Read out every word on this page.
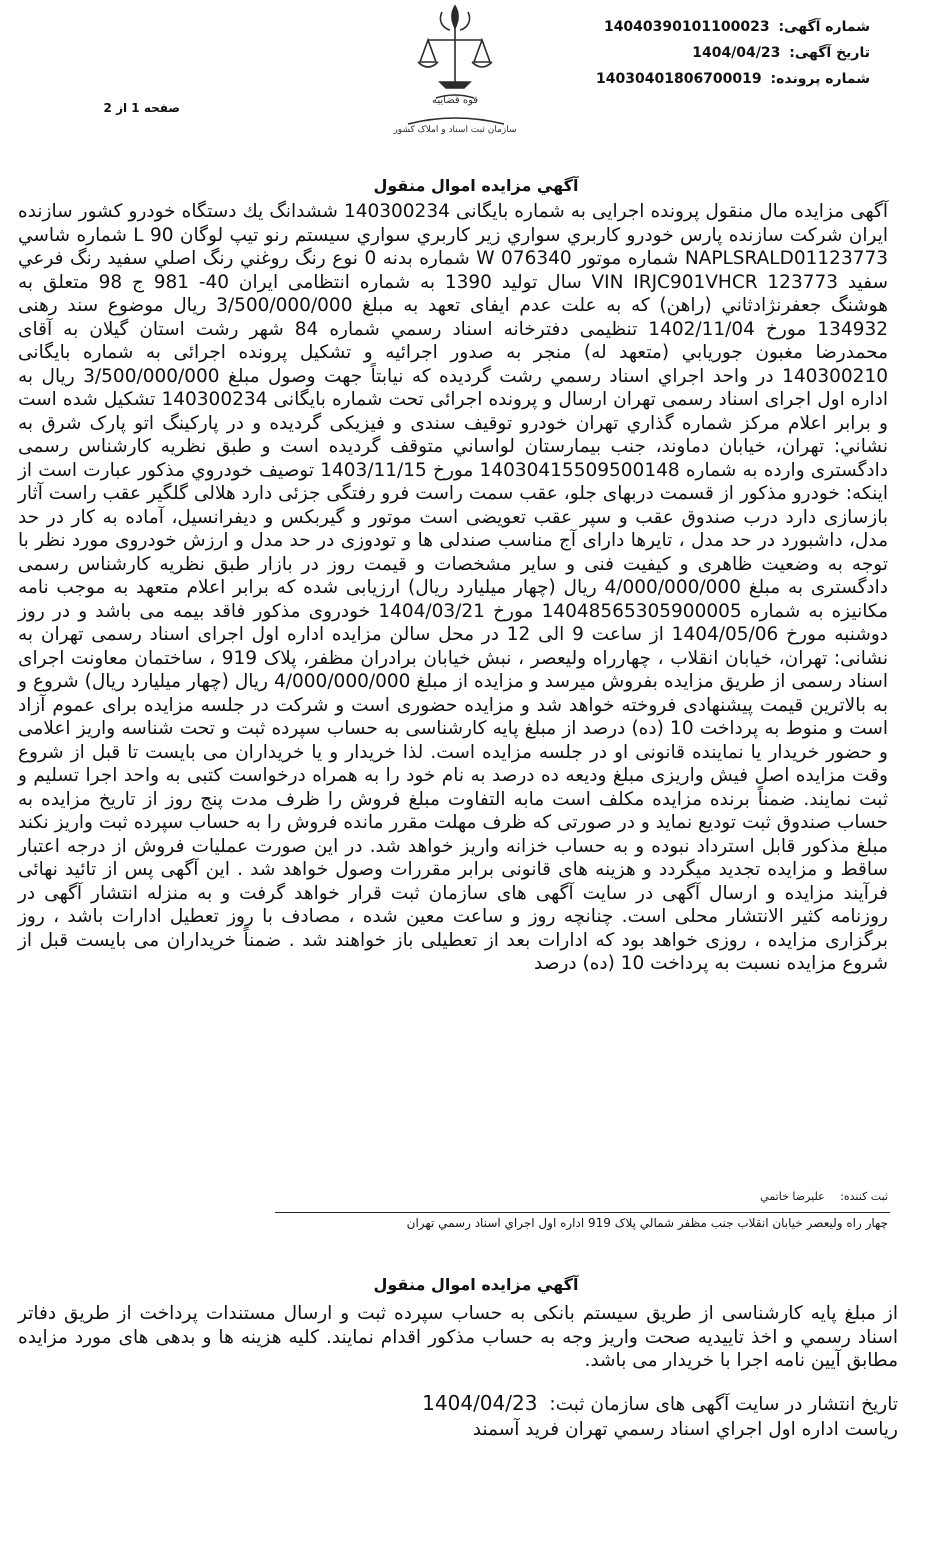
قوه قضاییه
سازمان ثبت اسناد و املاک کشور
شماره آگهی: 14040390101100023
تاریخ آگهی: 1404/04/23
شماره پرونده: 14030401806700019
صفحه 1 از 2
آگهي مزايده اموال منقول

آگهی مزایده مال منقول پرونده اجرایی به شماره بایگانی 140300234 ششدانگ يك دستگاه خودرو كشور سازنده ايران شركت سازنده پارس خودرو كاربري سواري زير كاربري سواري سيستم رنو تيپ لوگان 90 L شماره شاسي NAPLSRALD01123773 شماره موتور W 076340 شماره بدنه 0 نوع رنگ روغني رنگ اصلي سفيد رنگ فرعي سفيد VIN IRJC901VHCR 123773 سال توليد 1390 به شماره انتظامی ایران 40- 981 ج 98 متعلق به هوشنگ جعفرنژادثاني (راهن) که به علت عدم ایفای تعهد به مبلغ 3/500/000/000 ريال موضوع سند رهنی 134932 مورخ 1402/11/04 تنظیمی دفترخانه اسناد رسمي شماره 84 شهر رشت استان گيلان به آقای محمدرضا مغبون جوريابي (متعهد له) منجر به صدور اجرائیه و تشکیل پرونده اجرائی به شماره بایگانی 140300210 در واحد اجراي اسناد رسمي رشت گرديده كه نيابتاً جهت وصول مبلغ 3/500/000/000 ریال به اداره اول اجرای اسناد رسمی تهران ارسال و پرونده اجرائی تحت شماره بایگانی 140300234 تشکیل شده است و برابر اعلام مرکز شماره گذاري تهران خودرو توقيف سندی و فیزیکی گرديده و در پارکینگ اتو پارک شرق به نشاني: تهران، خيابان دماوند، جنب بيمارستان لواساني متوقف گرديده است و طبق نظريه كارشناس رسمی دادگستری وارده به شماره 14030415509500148 مورخ 1403/11/15 توصیف خودروي مذكور عبارت است از اینکه: خودرو مذکور از قسمت دربهای جلو، عقب سمت راست فرو رفتگی جزئی دارد هلالی گلگير عقب راست آثار بازسازی دارد درب صندوق عقب و سپر عقب تعویضی است موتور و گیربکس و ديفرانسيل، آماده به كار در حد مدل، داشبورد در حد مدل ، تایرها دارای آج مناسب صندلی ها و تودوزی در حد مدل و ارزش خودروی مورد نظر با توجه به وضعیت ظاهری و کیفیت فنی و سایر مشخصات و قیمت روز در بازار طبق نظریه کارشناس رسمی دادگستری به مبلغ 4/000/000/000 ريال (چهار ميليارد ريال) ارزيابی شده كه برابر اعلام متعهد به موجب نامه مكانيزه به شماره 14048565305900005 مورخ 1404/03/21 خودروی مذکور فاقد بیمه می باشد و در روز دوشنبه مورخ 1404/05/06 از ساعت 9 الی 12 در محل سالن مزایده اداره اول اجرای اسناد رسمی تهران به نشانی: تهران، خیابان انقلاب ، چهارراه ولیعصر ، نبش خیابان برادران مظفر، پلاک 919 ، ساختمان معاونت اجرای اسناد رسمی از طریق مزایده بفروش میرسد و مزایده از مبلغ 4/000/000/000 ريال (چهار ميليارد ريال) شروع و به بالاترین قیمت پیشنهادی فروخته خواهد شد و مزایده حضوری است و شرکت در جلسه مزایده برای عموم آزاد است و منوط به پرداخت 10 (ده) درصد از مبلغ پایه کارشناسی به حساب سپرده ثبت و تحت شناسه واریز اعلامی و حضور خریدار یا نماینده قانونی او در جلسه مزایده است. لذا خریدار و یا خریداران می بایست تا قبل از شروع وقت مزایده اصل فیش واریزی مبلغ ودیعه ده درصد به نام خود را به همراه درخواست کتبی به واحد اجرا تسلیم و ثبت نمایند. ضمناً برنده مزایده مکلف است مابه التفاوت مبلغ فروش را ظرف مدت پنج روز از تاریخ مزایده به حساب صندوق ثبت تودیع نماید و در صورتی که ظرف مهلت مقرر مانده فروش را به حساب سپرده ثبت واریز نکند مبلغ مذکور قابل استرداد نبوده و به حساب خزانه واریز خواهد شد. در این صورت عملیات فروش از درجه اعتبار ساقط و مزایده تجدید میگردد و هزینه های قانونی برابر مقررات وصول خواهد شد . این آگهی پس از تائید نهائی فرآیند مزایده و ارسال آگهی در سایت آگهی های سازمان ثبت قرار خواهد گرفت و به منزله انتشار آگهی در روزنامه کثیر الانتشار محلی است. چنانچه روز و ساعت معین شده ، مصادف با روز تعطیل ادارات باشد ، روز برگزاری مزایده ، روزی خواهد بود که ادارات بعد از تعطیلی باز خواهند شد . ضمناً خریداران می بایست قبل از شروع مزایده نسبت به پرداخت 10 (ده) درصد

ثبت کننده: عليرضا خاتمي
چهار راه وليعصر خيابان انقلاب جنب مظفر شمالي پلاک 919 اداره اول اجراي اسناد رسمي تهران
آگهي مزايده اموال منقول

از مبلغ پایه کارشناسی از طریق سیستم بانکی به حساب سپرده ثبت و ارسال مستندات پرداخت از طريق دفاتر اسناد رسمي و اخذ تاييديه صحت واريز وجه به حساب مذكور اقدام نمایند. کلیه هزینه ها و بدهی های مورد مزایده مطابق آیین نامه اجرا با خریدار می باشد.

تاريخ انتشار در سايت آگهی های سازمان ثبت: 1404/04/23
رياست اداره اول اجراي اسناد رسمي تهران فريد آسمند
